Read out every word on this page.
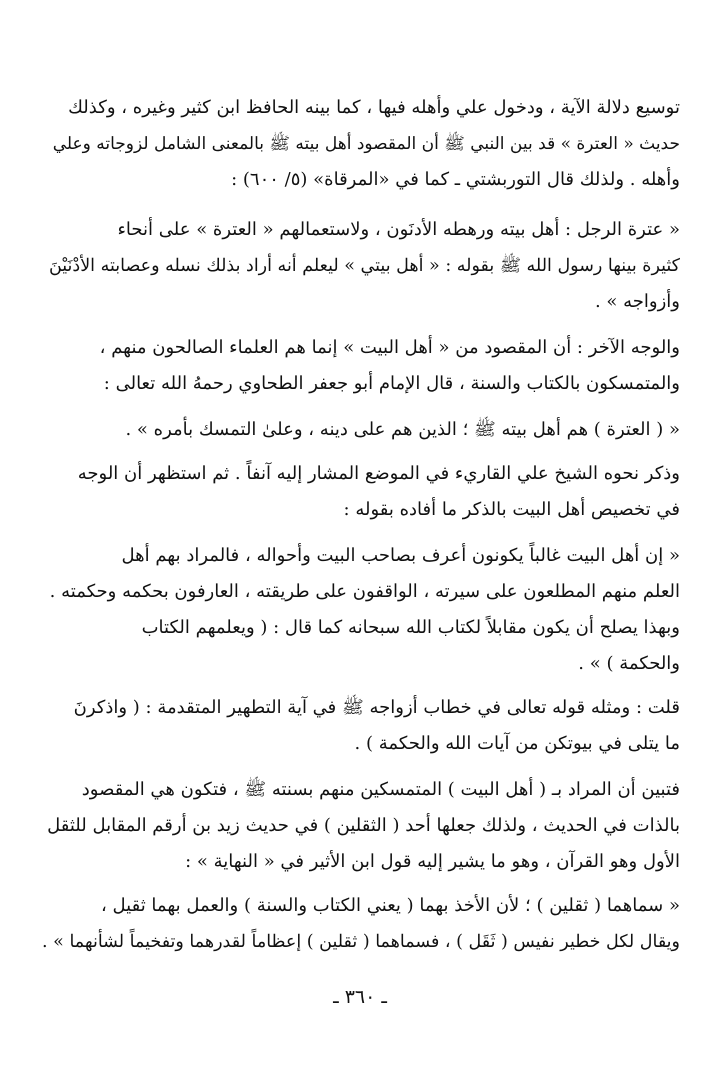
توسيع دلالة الآية ، ودخول علي وأهله فيها ، كما بينه الحافظ ابن كثير وغيره ، وكذلك
حديث « العترة » قد بين النبي ﷺ أن المقصود أهل بيته ﷺ بالمعنى الشامل لزوجاته وعلي
وأهله . ولذلك قال التوربشتي ـ كما في «المرقاة» (٥/ ٦٠٠) :
« عترة الرجل : أهل بيته ورهطه الأدنَون ، ولاستعمالهم « العترة » على أنحاء
كثيرة بينها رسول الله ﷺ بقوله : « أهل بيتي » ليعلم أنه أراد بذلك نسله وعصابته الأدْنَيْنَ
وأزواجه » .
والوجه الآخر : أن المقصود من « أهل البيت » إنما هم العلماء الصالحون منهم ،
والمتمسكون بالكتاب والسنة ، قال الإمام أبو جعفر الطحاوي رحمهُ الله تعالى :
« ( العترة ) هم أهل بيته ﷺ ؛ الذين هم على دينه ، وعلىٰ التمسك بأمره » .
وذكر نحوه الشيخ علي القاريء في الموضع المشار إليه آنفاً . ثم استظهر أن الوجه
في تخصيص أهل البيت بالذكر ما أفاده بقوله :
« إن أهل البيت غالباً يكونون أعرف بصاحب البيت وأحواله ، فالمراد بهم أهل
العلم منهم المطلعون على سيرته ، الواقفون على طريقته ، العارفون بحكمه وحكمته .
وبهذا يصلح أن يكون مقابلاً لكتاب الله سبحانه كما قال : ( ويعلمهم الكتاب
والحكمة ) » .
قلت : ومثله قوله تعالى في خطاب أزواجه ﷺ في آية التطهير المتقدمة : ( واذكرنَ
ما يتلى في بيوتكن من آيات الله والحكمة ) .
فتبين أن المراد بـ ( أهل البيت ) المتمسكين منهم بسنته ﷺ ، فتكون هي المقصود
بالذات في الحديث ، ولذلك جعلها أحد ( الثقلين ) في حديث زيد بن أرقم المقابل للثقل
الأول وهو القرآن ، وهو ما يشير إليه قول ابن الأثير في « النهاية » :
« سماهما ( ثقلين ) ؛ لأن الأخذ بهما ( يعني الكتاب والسنة ) والعمل بهما ثقيل ،
ويقال لكل خطير نفيس ( ثَقَل ) ، فسماهما ( ثقلين ) إعظاماً لقدرهما وتفخيماً لشأنهما » .
ـ ٣٦٠ ـ
